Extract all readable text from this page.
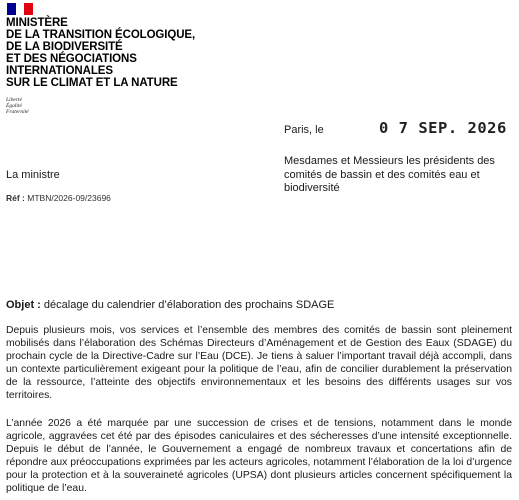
MINISTÈRE
DE LA TRANSITION ÉCOLOGIQUE,
DE LA BIODIVERSITÉ
ET DES NÉGOCIATIONS
INTERNATIONALES
SUR LE CLIMAT ET LA NATURE
Liberté
Égalité
Fraternité
Paris, le	0 7 SEP. 2026
Mesdames et Messieurs les présidents des comités de bassin et des comités eau et biodiversité
La ministre
Réf : MTBN/2026-09/23696
Objet : décalage du calendrier d’élaboration des prochains SDAGE

Depuis plusieurs mois, vos services et l’ensemble des membres des comités de bassin sont pleinement mobilisés dans l’élaboration des Schémas Directeurs d’Aménagement et de Gestion des Eaux (SDAGE) du prochain cycle de la Directive-Cadre sur l’Eau (DCE). Je tiens à saluer l’important travail déjà accompli, dans un contexte particulièrement exigeant pour la politique de l’eau, afin de concilier durablement la préservation de la ressource, l’atteinte des objectifs environnementaux et les besoins des différents usages sur vos territoires.

L’année 2026 a été marquée par une succession de crises et de tensions, notamment dans le monde agricole, aggravées cet été par des épisodes caniculaires et des sécheresses d’une intensité exceptionnelle. Depuis le début de l’année, le Gouvernement a engagé de nombreux travaux et concertations afin de répondre aux préoccupations exprimées par les acteurs agricoles, notamment l’élaboration de la loi d’urgence pour la protection et à la souveraineté agricoles (UPSA) dont plusieurs articles concernent spécifiquement la politique de l’eau.
